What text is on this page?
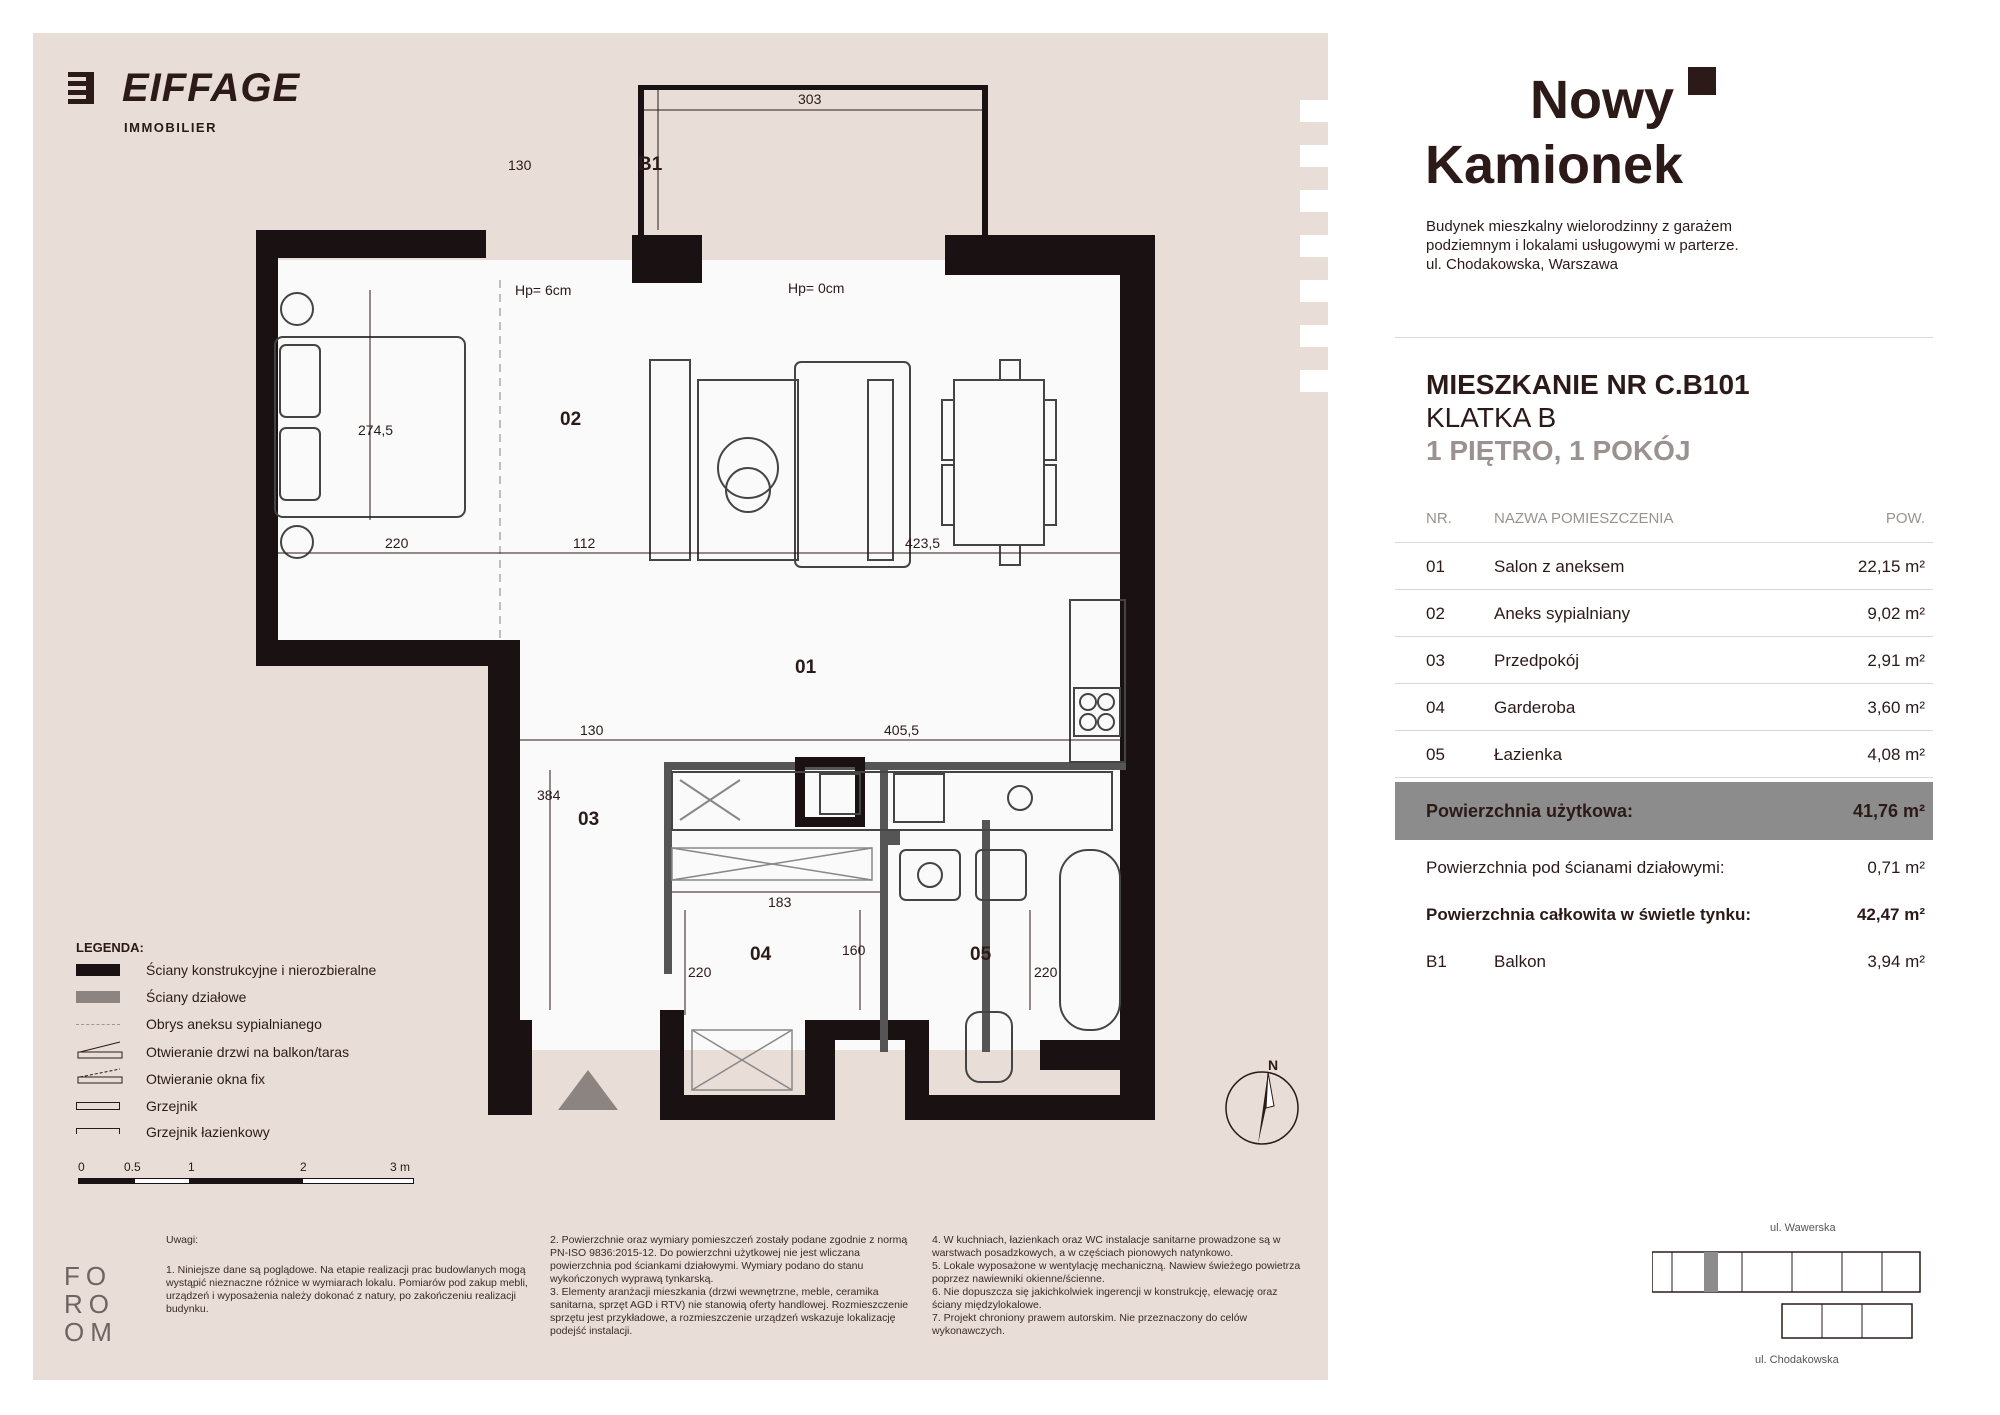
EIFFAGE
IMMOBILIER	Nowy
Kamionek
Budynek mieszkalny wielorodzinny z garażem
podziemnym i lokalami usługowymi w parterze.
ul. Chodakowska, Warszawa
MIESZKANIE NR C.B101
KLATKA B
1 PIĘTRO, 1 POKÓJ
NR.	NAZWA POMIESZCZENIA	POW.
01	Salon z aneksem	22,15 m²
02	Aneks sypialniany	9,02 m²
03	Przedpokój	2,91 m²
04	Garderoba	3,60 m²
05	Łazienka	4,08 m²
Powierzchnia użytkowa:	41,76 m²
Powierzchnia pod ścianami działowymi:	0,71 m²
Powierzchnia całkowita w świetle tynku:	42,47 m²
B1	Balkon	3,94 m²
B1
02
01
03
04	05
303
130
Hp= 6cm	Hp= 0cm
274,5
220	112	423,5
130	405,5
384
183
220
160
220
N
LEGENDA:
Ściany konstrukcyjne i nierozbieralne
Ściany działowe
Obrys aneksu sypialnianego
Otwieranie drzwi na balkon/taras
Otwieranie okna fix
Grzejnik
Grzejnik łazienkowy
0	0.5	1	2	3 m
FO
RO
OM
Uwagi:
1. Niniejsze dane są poglądowe. Na etapie realizacji prac budowlanych mogą wystąpić nieznaczne różnice w wymiarach lokalu. Pomiarów pod zakup mebli, urządzeń i wyposażenia należy dokonać z natury, po zakończeniu realizacji budynku.
2. Powierzchnie oraz wymiary pomieszczeń zostały podane zgodnie z normą PN-ISO 9836:2015-12. Do powierzchni użytkowej nie jest wliczana powierzchnia pod ściankami działowymi. Wymiary podano do stanu wykończonych wyprawą tynkarską.
3. Elementy aranżacji mieszkania (drzwi wewnętrzne, meble, ceramika sanitarna, sprzęt AGD i RTV) nie stanowią oferty handlowej. Rozmieszczenie sprzętu jest przykładowe, a rozmieszczenie urządzeń wskazuje lokalizację podejść instalacji.
4. W kuchniach, łazienkach oraz WC instalacje sanitarne prowadzone są w warstwach posadzkowych, a w częściach pionowych natynkowo.
5. Lokale wyposażone w wentylację mechaniczną. Nawiew świeżego powietrza poprzez nawiewniki okienne/ścienne.
6. Nie dopuszcza się jakichkolwiek ingerencji w konstrukcję, elewację oraz ściany międzylokalowe.
7. Projekt chroniony prawem autorskim. Nie przeznaczony do celów wykonawczych.
ul. Wawerska
ul. Chodakowska
